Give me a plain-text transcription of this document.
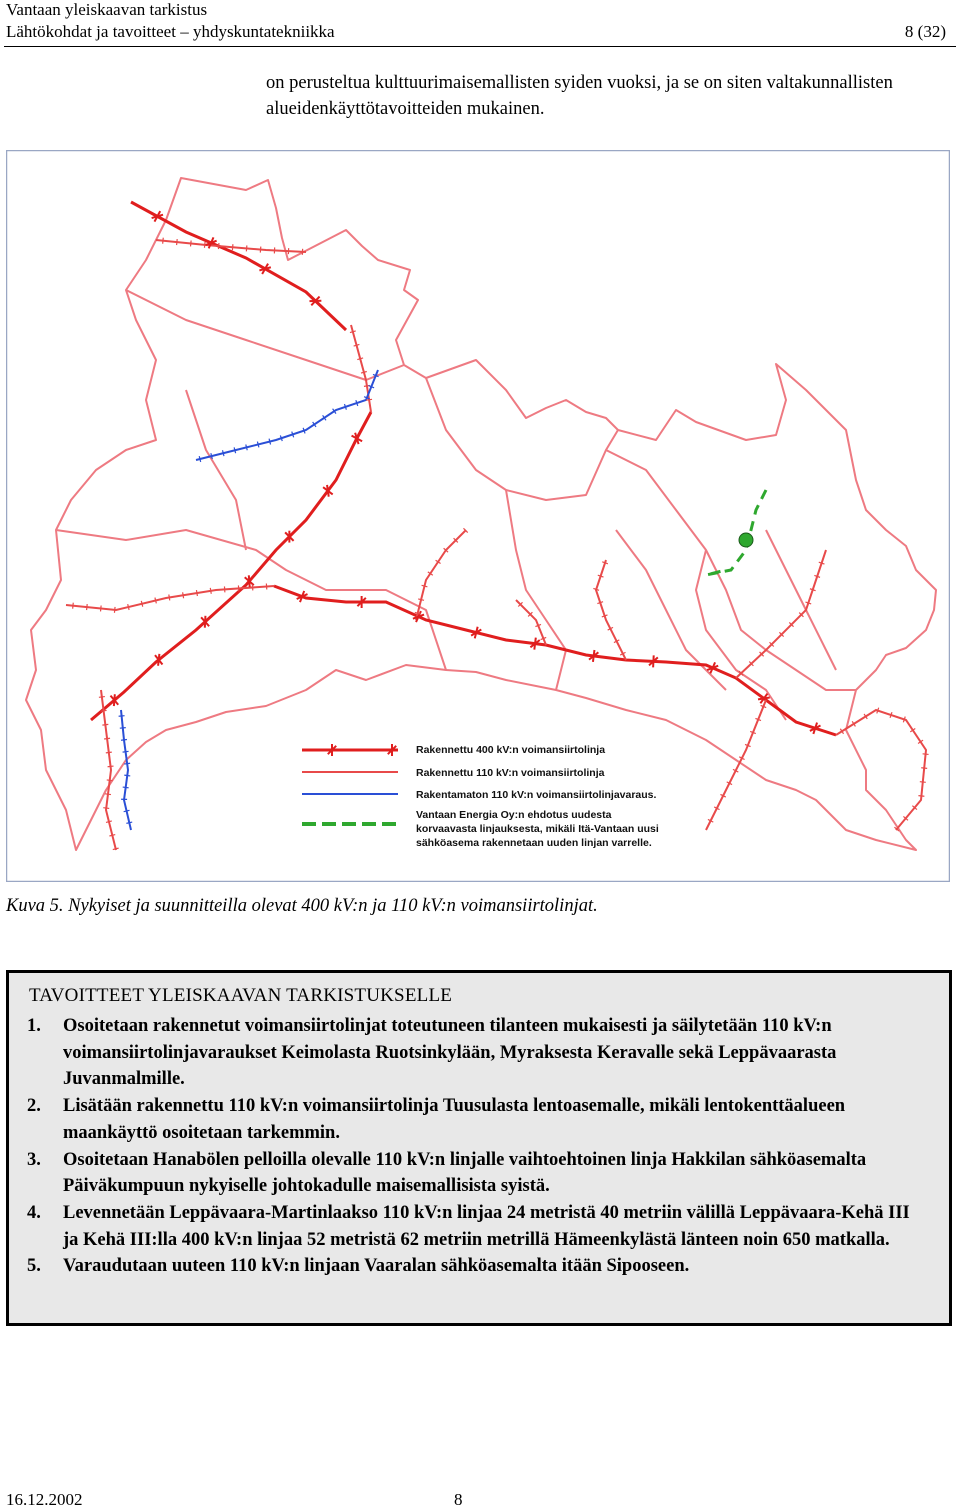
Vantaan yleiskaavan tarkistus
Lähtökohdat ja tavoitteet – yhdyskuntatekniikka	8 (32)
on perusteltua kulttuurimaisemallisten syiden vuoksi, ja se on siten valtakunnallisten alueidenkäyttötavoitteiden mukainen.
Rakennettu 400 kV:n voimansiirtolinja
Rakennettu 110 kV:n voimansiirtolinja
Rakentamaton 110 kV:n voimansiirtolinjavaraus.
Vantaan Energia Oy:n ehdotus uudesta korvaavasta linjauksesta, mikäli Itä-Vantaan uusi sähköasema rakennetaan uuden linjan varrelle.
Kuva 5. Nykyiset ja suunnitteilla olevat 400 kV:n ja 110 kV:n voimansiirtolinjat.
TAVOITTEET YLEISKAAVAN TARKISTUKSELLE
1. Osoitetaan rakennetut voimansiirtolinjat toteutuneen tilanteen mukaisesti ja säilytetään 110 kV:n voimansiirtolinjavaraukset Keimolasta Ruotsinkylään, Myraksesta Keravalle sekä Leppävaarasta Juvanmalmille.
2. Lisätään rakennettu 110 kV:n voimansiirtolinja Tuusulasta lentoasemalle, mikäli lentokenttäalueen maankäyttö osoitetaan tarkemmin.
3. Osoitetaan Hanabölen pelloilla olevalle 110 kV:n linjalle vaihtoehtoinen linja Hakkilan sähköasemalta Päiväkumpuun nykyiselle johtokadulle maisemallisista syistä.
4. Levennetään Leppävaara-Martinlaakso 110 kV:n linjaa 24 metristä 40 metriin välillä Leppävaara-Kehä III ja Kehä III:lla 400 kV:n linjaa 52 metristä 62 metriin metrillä Hämeenkylästä länteen noin 650 matkalla.
5. Varaudutaan uuteen 110 kV:n linjaan Vaaralan sähköasemalta itään Sipooseen.
16.12.2002	8
